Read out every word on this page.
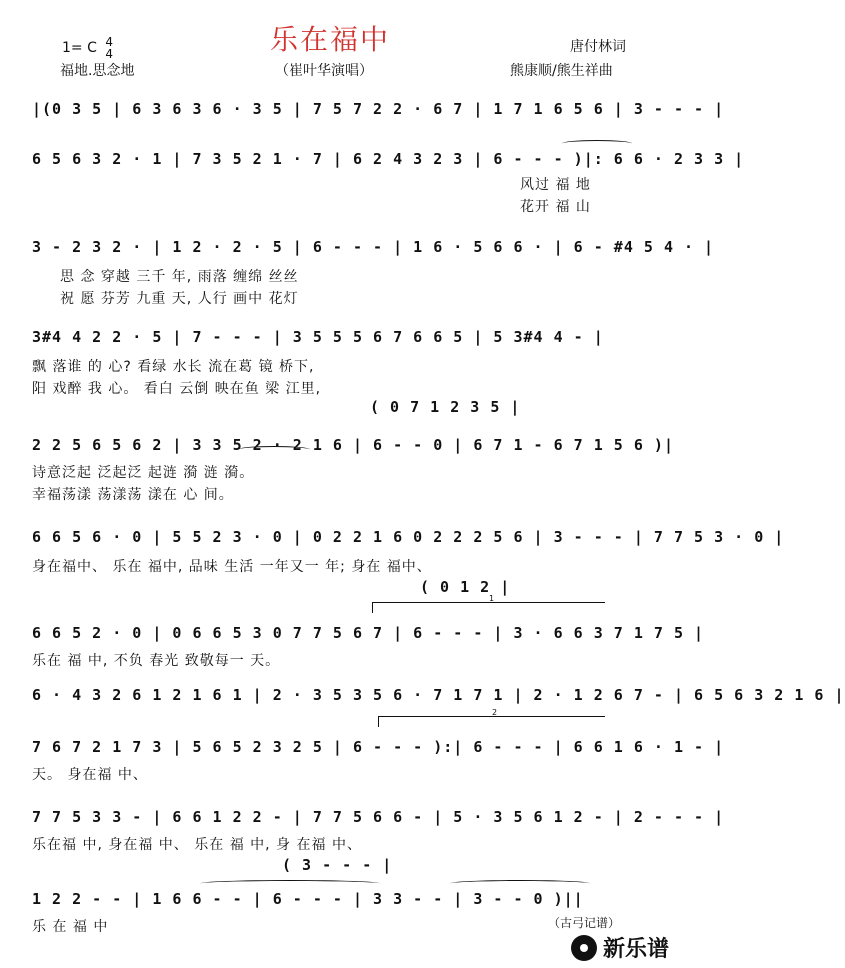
1= C 4
4	乐在福中
福地.思念地	（崔叶华演唱）
唐付林词
熊康顺/熊生祥曲
|(0 3 5 | 6 3 6 3 6 · 3 5 | 7 5 7 2 2 · 6 7 | 1 7 1 6 5 6 | 3 - - - |
6 5 6 3 2 · 1 | 7 3 5 2 1 · 7 | 6 2 4 3 2 3 | 6 - - - )|: 6 6 · 2 3 3 |
风过 福 地
花开 福 山
3 - 2 3 2 · | 1 2 · 2 · 5 | 6 - - - | 1 6 · 5 6 6 · | 6 - #4 5 4 · |
思 念 穿越 三千 年, 雨落 缠绵 丝丝
祝 愿 芬芳 九重 天, 人行 画中 花灯
3#4 4 2 2 · 5 | 7 - - - | 3 5 5 5 6 7 6 6 5 | 5 3#4 4 - |
飘 落谁 的 心? 看绿 水长 流在葛 镜 桥下,
阳 戏醉 我 心。 看白 云倒 映在鱼 梁 江里,
( 0 7 1 2 3 5 |
2 2 5 6 5 6 2 | 3 3 5 2 · 2 1 6 | 6 - - 0 | 6 7 1 - 6 7 1 5 6 )|
诗意泛起 泛起泛 起涟 漪 涟 漪。
幸福荡漾 荡漾荡 漾在 心 间。
6 6 5 6 · 0 | 5 5 2 3 · 0 | 0 2 2 1 6 0 2 2 2 5 6 | 3 - - - | 7 7 5 3 · 0 |
身在福中、 乐在 福中, 品味 生活 一年又一 年; 身在 福中、
( 0 1 2 |
1
6 6 5 2 · 0 | 0 6 6 5 3 0 7 7 5 6 7 | 6 - - - | 3 · 6 6 3 7 1 7 5 |
乐在 福 中, 不负 春光 致敬每一 天。
6 · 4 3 2 6 1 2 1 6 1 | 2 · 3 5 3 5 6 · 7 1 7 1 | 2 · 1 2 6 7 - | 6 5 6 3 2 1 6 |
2
7 6 7 2 1 7 3 | 5 6 5 2 3 2 5 | 6 - - - ):| 6 - - - | 6 6 1 6 · 1 - |
天。 身在福 中、
7 7 5 3 3 - | 6 6 1 2 2 - | 7 7 5 6 6 - | 5 · 3 5 6 1 2 - | 2 - - - |
乐在福 中, 身在福 中、 乐在 福 中, 身 在福 中、
( 3 - - - |
1 2 2 - - | 1 6 6 - - | 6 - - - | 3 3 - - | 3 - - 0 )||
乐 在 福 中	（古弓记谱）
新乐谱
